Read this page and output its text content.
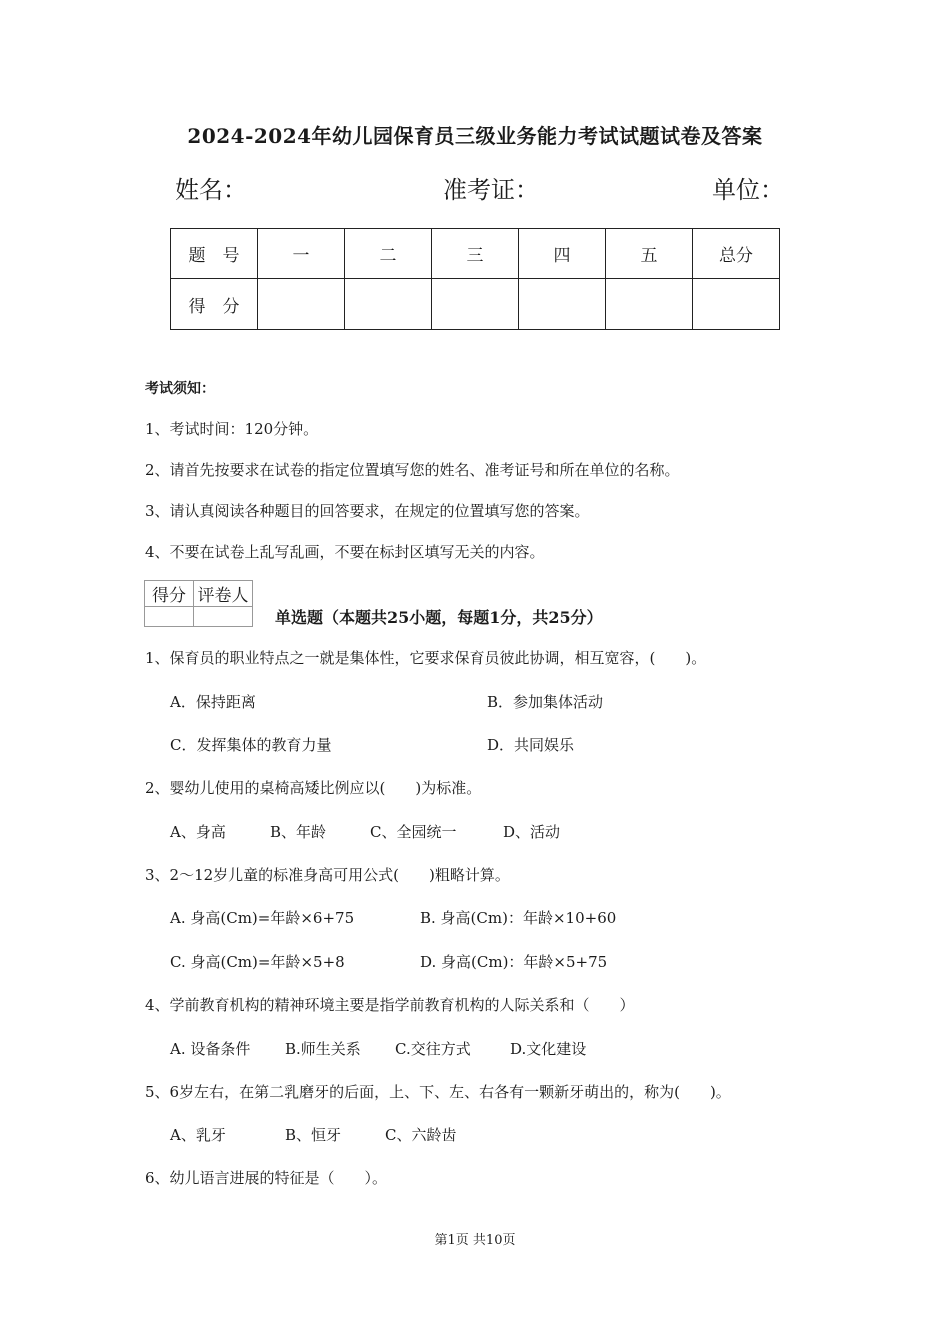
2024-2024年幼儿园保育员三级业务能力考试试题试卷及答案
姓名：	准考证：	单位：
题　号	一	二	三	四	五	总分
得　分						
考试须知：
1、考试时间：120分钟。
2、请首先按要求在试卷的指定位置填写您的姓名、准考证号和所在单位的名称。
3、请认真阅读各种题目的回答要求，在规定的位置填写您的答案。
4、不要在试卷上乱写乱画，不要在标封区填写无关的内容。
得分	评卷人

单选题（本题共25小题，每题1分，共25分）
1、保育员的职业特点之一就是集体性，它要求保育员彼此协调，相互宽容，(　　)。
A．保持距离	B．参加集体活动
C．发挥集体的教育力量	D．共同娱乐
2、婴幼儿使用的桌椅高矮比例应以(　　)为标准。
A、身高	B、年龄	C、全园统一	D、活动
3、2～12岁儿童的标准身高可用公式(　　)粗略计算。
A. 身高(Cm)=年龄×6+75	B. 身高(Cm)：年龄×10+60
C. 身高(Cm)=年龄×5+8	D. 身高(Cm)：年龄×5+75
4、学前教育机构的精神环境主要是指学前教育机构的人际关系和（　　）
A. 设备条件 B.师生关系 C.交往方式	D.文化建设
5、6岁左右，在第二乳磨牙的后面，上、下、左、右各有一颗新牙萌出的，称为(　　)。
A、乳牙	B、恒牙	C、六龄齿
6、幼儿语言进展的特征是（　　）。
第1页 共10页
